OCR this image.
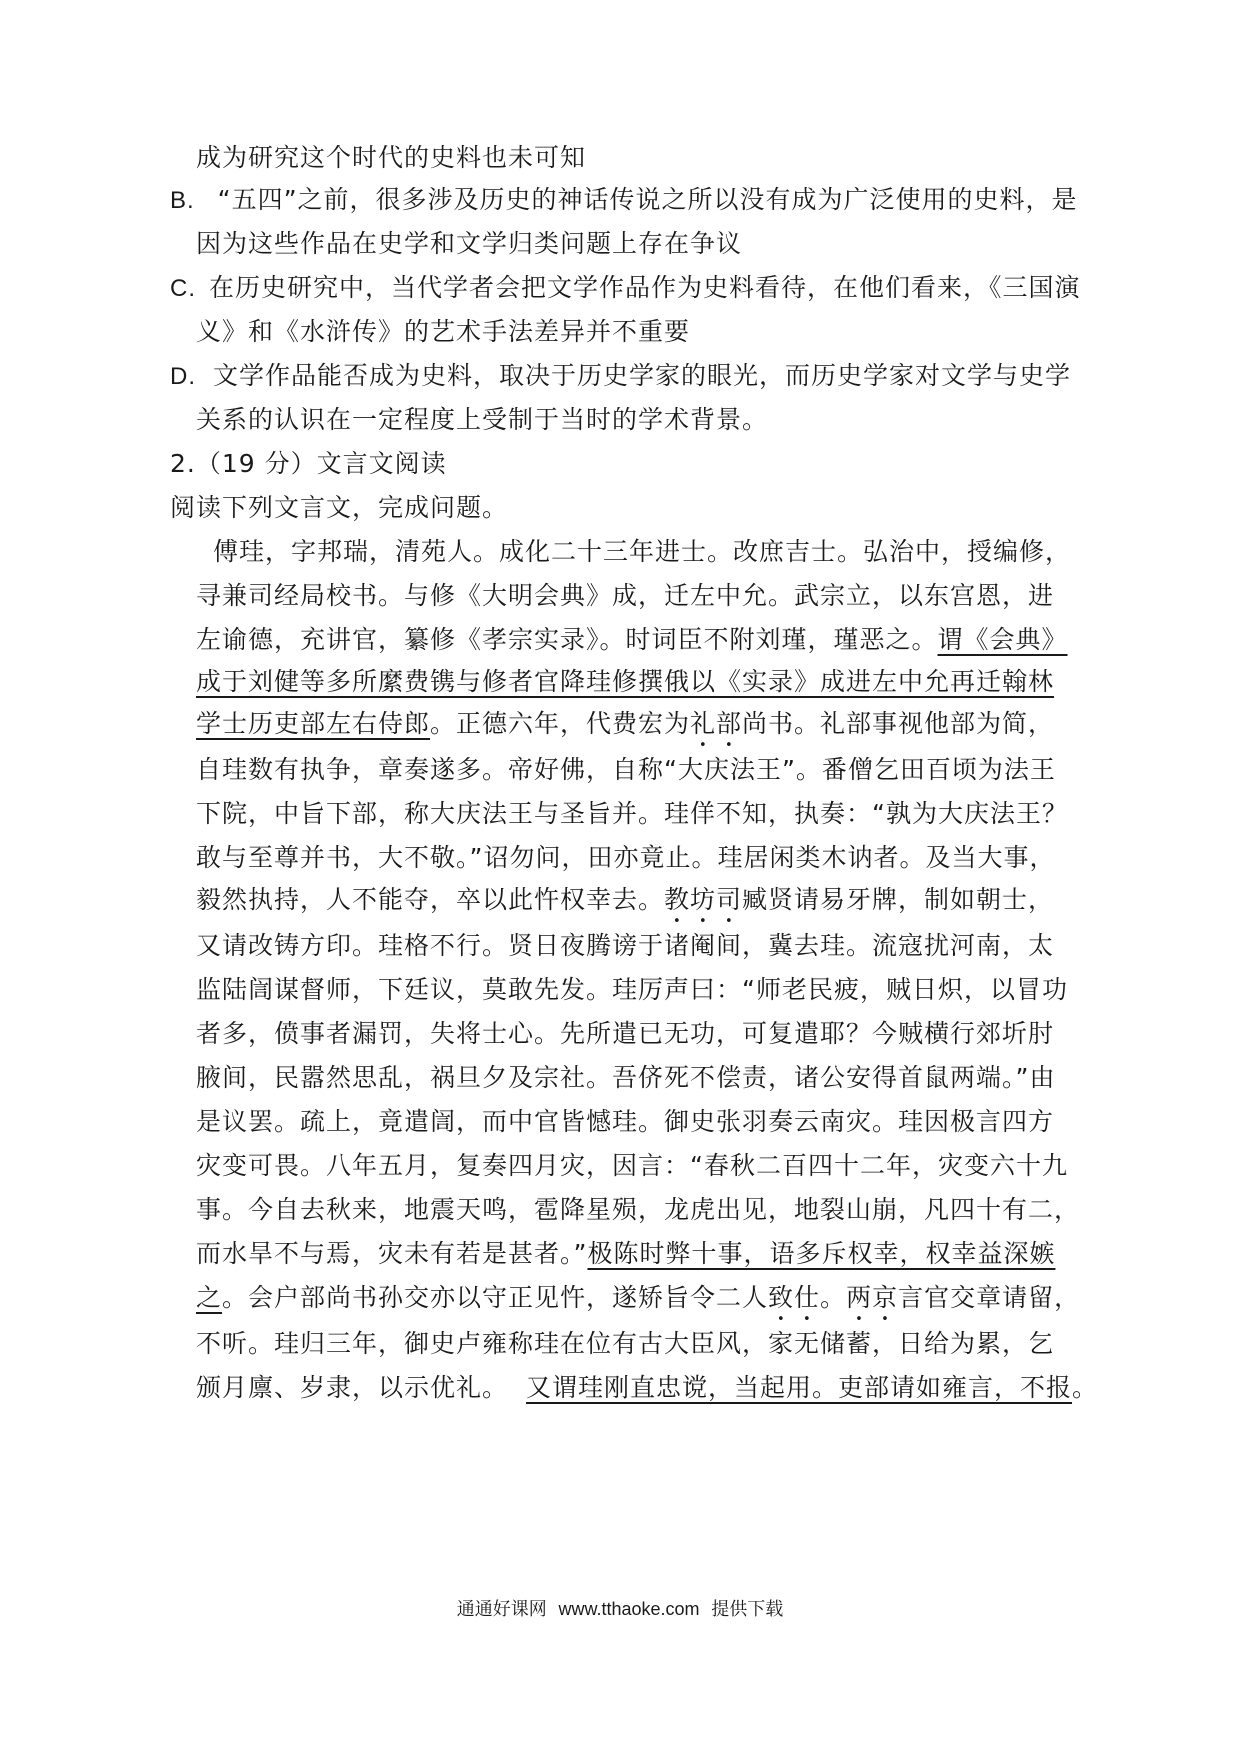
成为研究这个时代的史料也未可知
B. “五四”之前，很多涉及历史的神话传说之所以没有成为广泛使用的史料，是
因为这些作品在史学和文学归类问题上存在争议
C. 在历史研究中，当代学者会把文学作品作为史料看待，在他们看来，《三国演
义》和《水浒传》的艺术手法差异并不重要
D. 文学作品能否成为史料，取决于历史学家的眼光，而历史学家对文学与史学
关系的认识在一定程度上受制于当时的学术背景。
2.（19 分）文言文阅读
阅读下列文言文，完成问题。
傅珪，字邦瑞，清苑人。成化二十三年进士。改庶吉士。弘治中，授编修，
寻兼司经局校书。与修《大明会典》成，迁左中允。武宗立，以东宫恩，进
左谕德，充讲官，纂修《孝宗实录》。时词臣不附刘瑾，瑾恶之。谓《会典》
成于刘健等多所縻费镌与修者官降珪修撰俄以《实录》成进左中允再迁翰林
学士历吏部左右侍郎。正德六年，代费宏为礼部尚书。礼部事视他部为简，
自珪数有执争，章奏遂多。帝好佛，自称“大庆法王”。番僧乞田百顷为法王
下院，中旨下部，称大庆法王与圣旨并。珪佯不知，执奏：“孰为大庆法王？
敢与至尊并书，大不敬。”诏勿问，田亦竟止。珪居闲类木讷者。及当大事，
毅然执持，人不能夺，卒以此忤权幸去。教坊司臧贤请易牙牌，制如朝士，
又请改铸方印。珪格不行。贤日夜腾谤于诸阉间，冀去珪。流寇扰河南，太
监陆訚谋督师，下廷议，莫敢先发。珪厉声曰：“师老民疲，贼日炽，以冒功
者多，偾事者漏罚，失将士心。先所遣已无功，可复遣耶？今贼横行郊圻肘
腋间，民嚣然思乱，祸旦夕及宗社。吾侪死不偿责，诸公安得首鼠两端。”由
是议罢。疏上，竟遣訚，而中官皆憾珪。御史张羽奏云南灾。珪因极言四方
灾变可畏。八年五月，复奏四月灾，因言：“春秋二百四十二年，灾变六十九
事。今自去秋来，地震天鸣，雹降星殒，龙虎出见，地裂山崩，凡四十有二，
而水旱不与焉，灾未有若是甚者。”极陈时弊十事，语多斥权幸，权幸益深嫉
之。会户部尚书孙交亦以守正见忤，遂矫旨令二人致仕。两京言官交章请留，
不听。珪归三年，御史卢雍称珪在位有古大臣风，家无储蓄，日给为累，乞
颁月廪、岁隶，以示优礼。 又谓珪刚直忠谠，当起用。吏部请如雍言，不报。
通通好课网 www.tthaoke.com 提供下载
